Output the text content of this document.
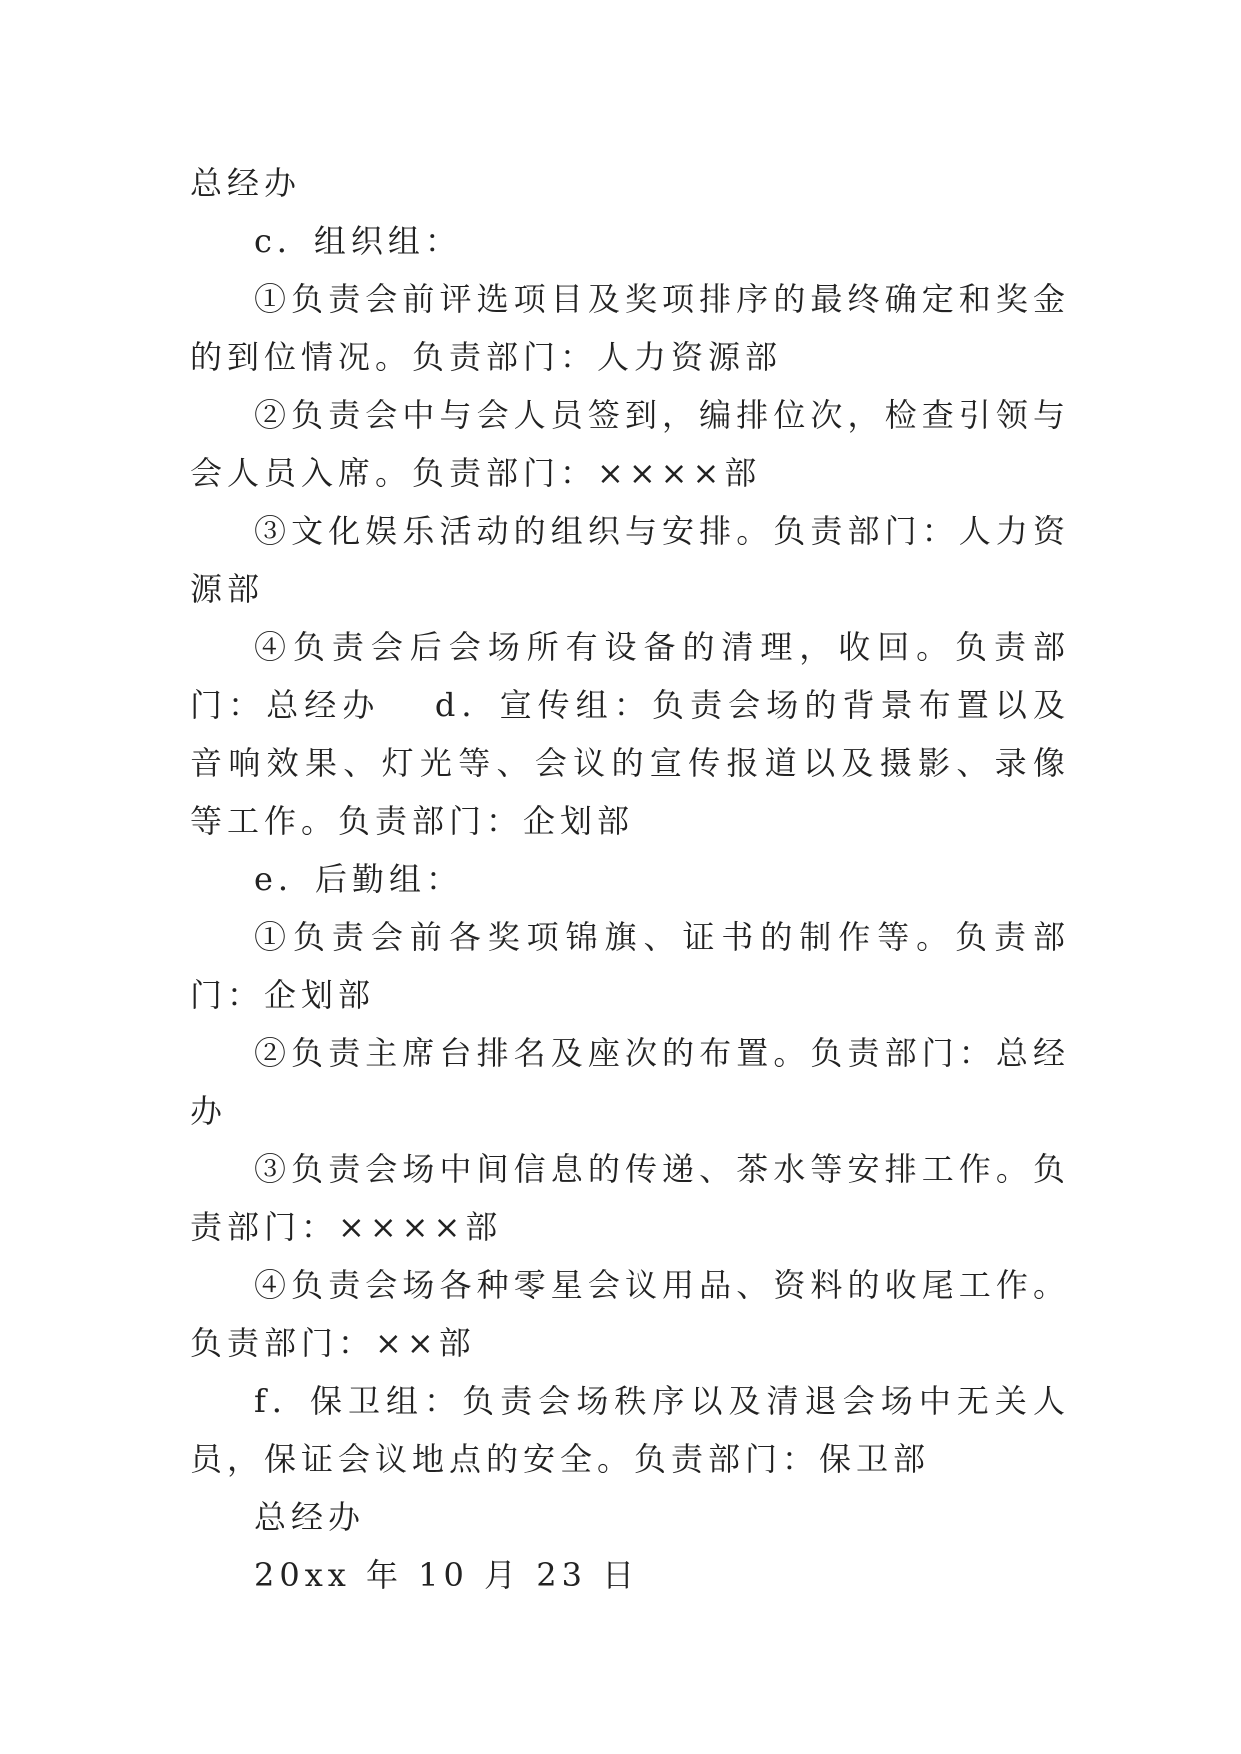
总经办

c．组织组：

①负责会前评选项目及奖项排序的最终确定和奖金的到位情况。负责部门：人力资源部

②负责会中与会人员签到，编排位次，检查引领与会人员入席。负责部门：××××部

③文化娱乐活动的组织与安排。负责部门：人力资源部

④负责会后会场所有设备的清理，收回。负责部门：总经办　 d．宣传组：负责会场的背景布置以及音响效果、灯光等、会议的宣传报道以及摄影、录像等工作。负责部门：企划部

e．后勤组：

①负责会前各奖项锦旗、证书的制作等。负责部门：企划部

②负责主席台排名及座次的布置。负责部门：总经办

③负责会场中间信息的传递、茶水等安排工作。负责部门：××××部

④负责会场各种零星会议用品、资料的收尾工作。负责部门：××部

f．保卫组：负责会场秩序以及清退会场中无关人员，保证会议地点的安全。负责部门：保卫部

总经办

20xx 年 10 月 23 日
